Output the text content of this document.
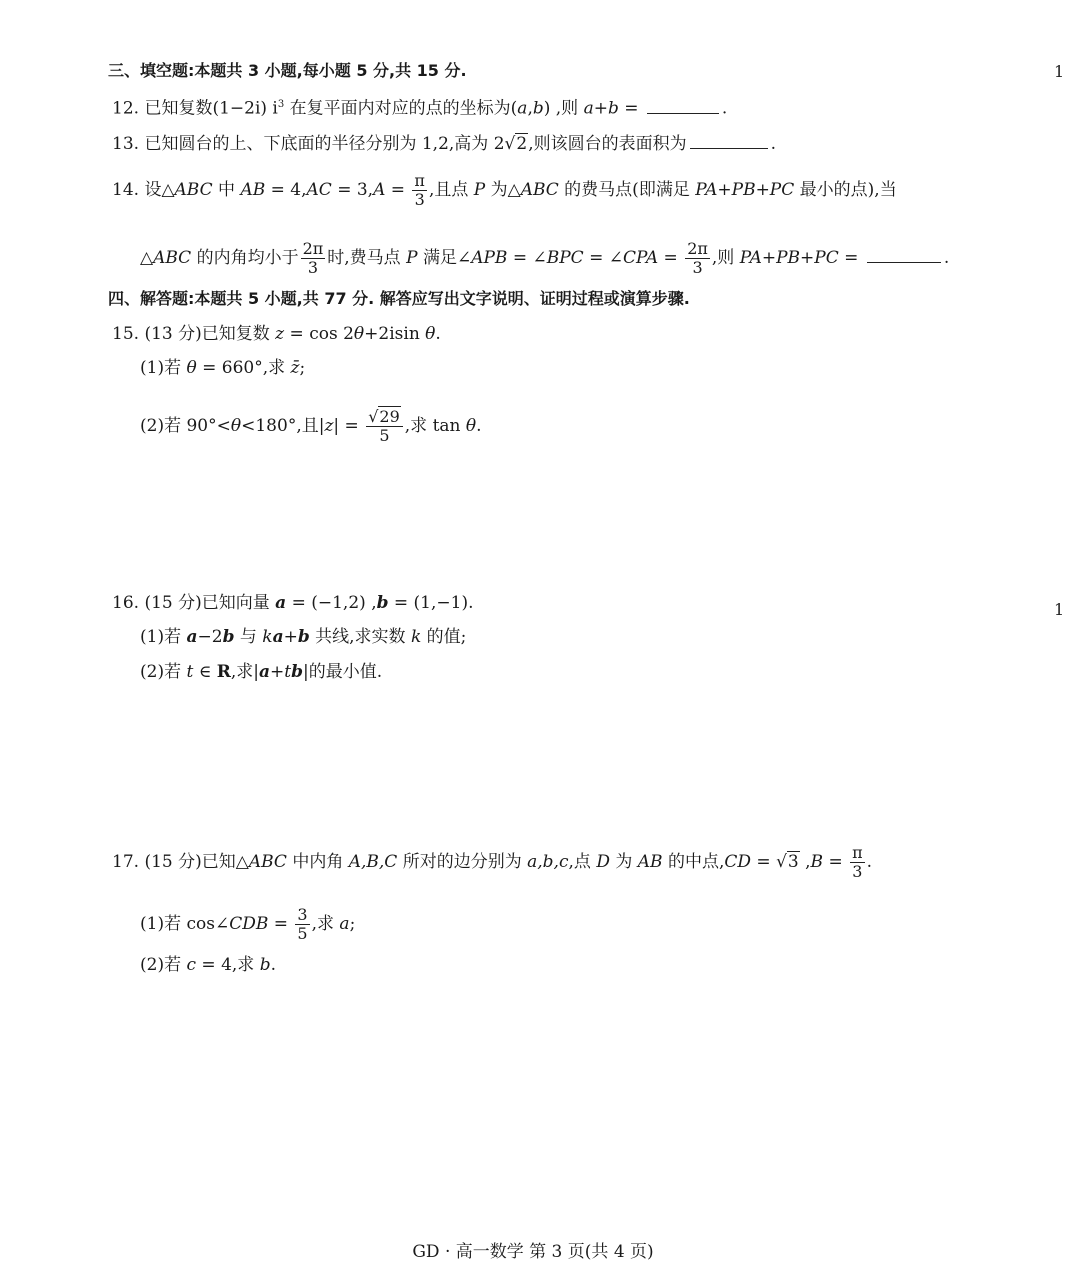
1
1
三、填空题:本题共 3 小题,每小题 5 分,共 15 分.
12. 已知复数(1−2i) $i^3$ 在复平面内对应的点的坐标为(a,b) ,则 a+b =	.
13. 已知圆台的上、下底面的半径分别为 1,2,高为 2√2,则该圆台的表面积为	.
14. 设△ABC 中 AB = $4,AC = 3,A = \frac{\pi}{3}$ ,且点 P 为△ABC 的费马点(即满足 PA+PB+PC 最小的点),当
△ABC 的内角均小于 $\frac{2\pi}{3}$ 时,费马点 P 满足∠APB = ∠BPC = ∠CPA = $\frac{2\pi}{3}$ ,则 PA+PB+PC =	.
四、解答题:本题共 5 小题,共 77 分. 解答应写出文字说明、证明过程或演算步骤.
15. (13 分)已知复数 z = cos 2θ+2isin θ.
(1)若 θ = 660°,求 z̄;
(2)若 90°<θ<180°,且$|z| = \frac{√29}{5}$ ,求 tan θ.
16. (15 分)已知向量 a = (−1,2) ,b = (1,−1).
(1)若 a−2b 与 ka+b 共线,求实数 k 的值;
(2)若 t ∈ R,求|a+tb|的最小值.
17. (15 分)已知△ABC 中内角 A,B,C 所对的边分别为 a,b,c,点 D 为 AB 的中点,CD = √3 $,B = \frac{\pi}{3}$ .
(1)若 cos∠CDB = $\frac{3}{5}$ ,求 a;
(2)若 c = 4,求 b.
GD · 高一数学 第 3 页(共 4 页)
